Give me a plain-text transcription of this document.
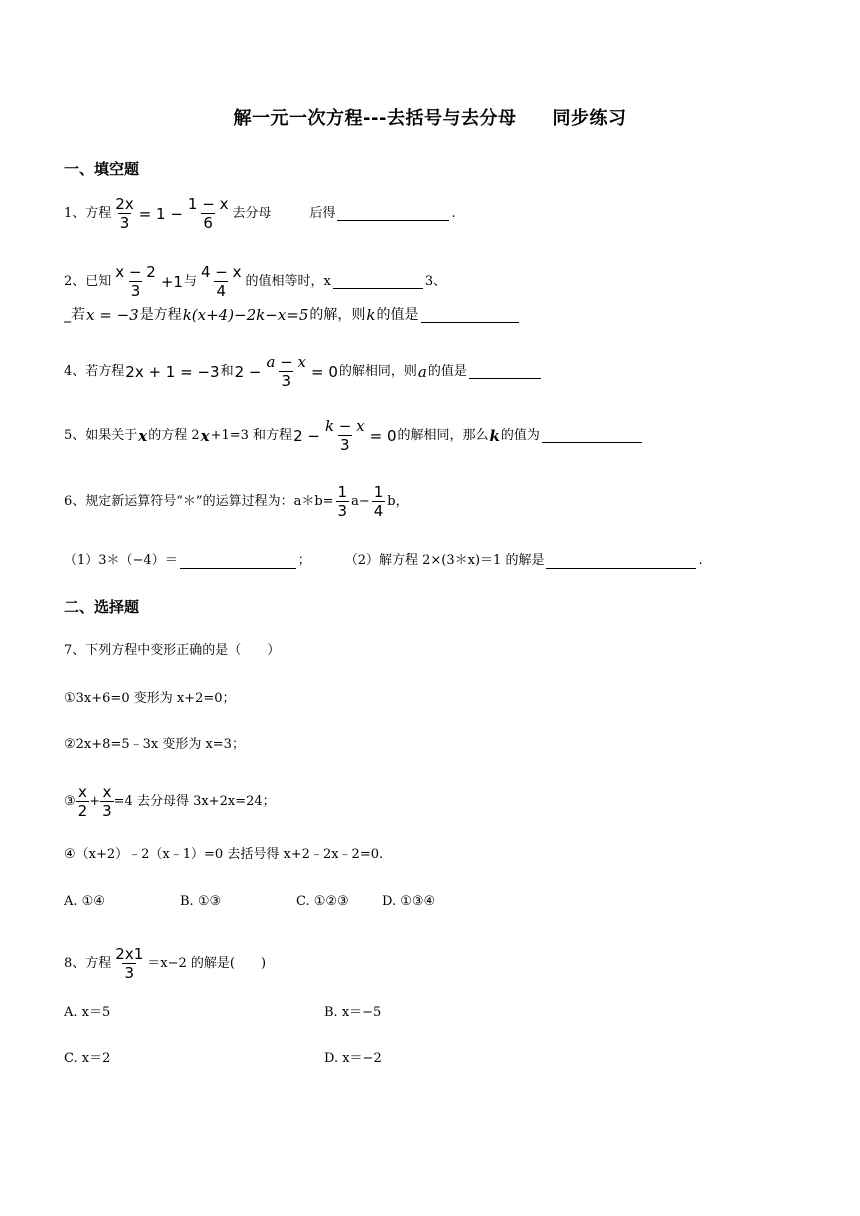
解一元一次方程---去括号与去分母 同步练习
一、填空题
1、方程 $\frac{2x}{3} = 1 - \frac{1 - x}{6}$ 去分母	后得	.
2、已知 $\frac{x - 2}{3} +1$ 与 $\frac{4 - x}{4}$ 的值相等时，x	3、
_若 x = −3 是方程 k(x+4)−2k−x=5 的解，则 k 的值是
4、若方程 2x + 1 = −3 和 $2 - \frac{a - x}{3} = 0$ 的解相同，则 a 的值是
5、如果关于 x 的方程 2 x +1=3 和方程 $2 - \frac{k - x}{3} = 0$ 的解相同，那么 k 的值为
6、规定新运算符号“＊”的运算过程为：a＊b= $\frac{1}{3} a- \frac{1}{4}$ b，
（1）3＊（−4）＝	；	（2）解方程 2×(3＊x)＝1 的解是	.
二、选择题
7、下列方程中变形正确的是（　　）
①3x+6=0 变形为 x+2=0；
②2x+8=5﹣3x 变形为 x=3；
③ $\frac{x}{2} + \frac{x}{3} =4$ 去分母得 3x+2x=24；
④（x+2）﹣2（x﹣1）=0 去括号得 x+2﹣2x﹣2=0.
A. ①④	B. ①③	C. ①②③	D. ①③④
8、方程 $\frac{2x1}{3} =x-2$ 的解是(　　)
A. x＝5	B. x＝−5
C. x＝2	D. x＝−2
